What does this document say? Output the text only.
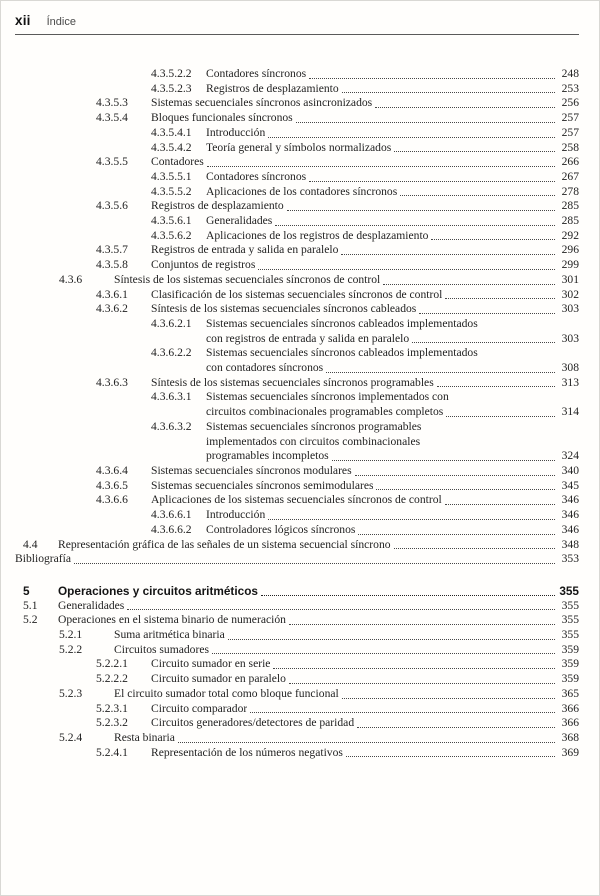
xii Índice
4.3.5.2.2	Contadores síncronos	248
4.3.5.2.3	Registros de desplazamiento	253
4.3.5.3	Sistemas secuenciales síncronos asincronizados	256
4.3.5.4	Bloques funcionales síncronos	257
4.3.5.4.1	Introducción	257
4.3.5.4.2	Teoría general y símbolos normalizados	258
4.3.5.5	Contadores	266
4.3.5.5.1	Contadores síncronos	267
4.3.5.5.2	Aplicaciones de los contadores síncronos	278
4.3.5.6	Registros de desplazamiento	285
4.3.5.6.1	Generalidades	285
4.3.5.6.2	Aplicaciones de los registros de desplazamiento	292
4.3.5.7	Registros de entrada y salida en paralelo	296
4.3.5.8	Conjuntos de registros	299
4.3.6	Síntesis de los sistemas secuenciales síncronos de control	301
4.3.6.1	Clasificación de los sistemas secuenciales síncronos de control	302
4.3.6.2	Síntesis de los sistemas secuenciales síncronos cableados	303
4.3.6.2.1	Sistemas secuenciales síncronos cableados implementados
con registros de entrada y salida en paralelo	303
4.3.6.2.2	Sistemas secuenciales síncronos cableados implementados
con contadores síncronos	308
4.3.6.3	Síntesis de los sistemas secuenciales síncronos programables	313
4.3.6.3.1	Sistemas secuenciales síncronos implementados con
circuitos combinacionales programables completos	314
4.3.6.3.2	Sistemas secuenciales síncronos programables
implementados con circuitos combinacionales
programables incompletos	324
4.3.6.4	Sistemas secuenciales síncronos modulares	340
4.3.6.5	Sistemas secuenciales síncronos semimodulares	345
4.3.6.6	Aplicaciones de los sistemas secuenciales síncronos de control	346
4.3.6.6.1	Introducción	346
4.3.6.6.2	Controladores lógicos síncronos	346
4.4	Representación gráfica de las señales de un sistema secuencial síncrono	348
Bibliografía	353
5	Operaciones y circuitos aritméticos	355
5.1	Generalidades	355
5.2	Operaciones en el sistema binario de numeración	355
5.2.1	Suma aritmética binaria	355
5.2.2	Circuitos sumadores	359
5.2.2.1	Circuito sumador en serie	359
5.2.2.2	Circuito sumador en paralelo	359
5.2.3	El circuito sumador total como bloque funcional	365
5.2.3.1	Circuito comparador	366
5.2.3.2	Circuitos generadores/detectores de paridad	366
5.2.4	Resta binaria	368
5.2.4.1	Representación de los números negativos	369
